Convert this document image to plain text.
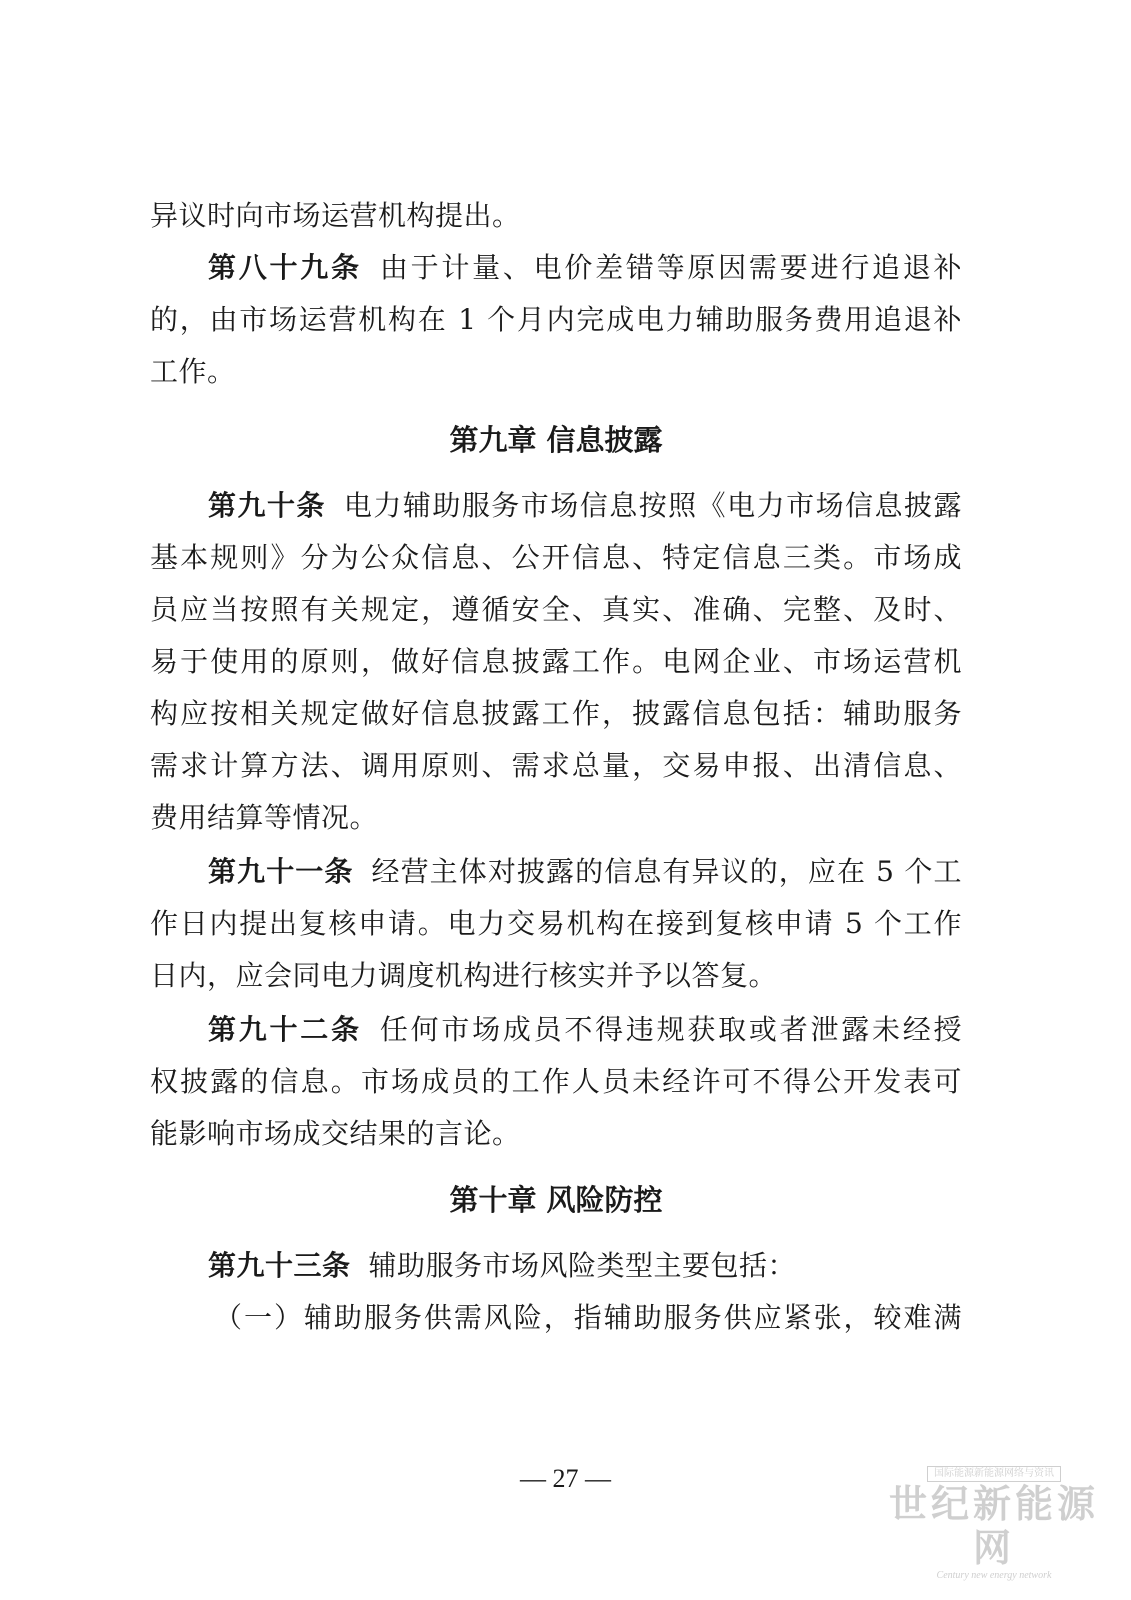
异议时向市场运营机构提出。
第八十九条 由于计量、电价差错等原因需要进行追退补
的，由市场运营机构在 1 个月内完成电力辅助服务费用追退补
工作。
第九章 信息披露
第九十条 电力辅助服务市场信息按照《电力市场信息披露
基本规则》分为公众信息、公开信息、特定信息三类。市场成
员应当按照有关规定，遵循安全、真实、准确、完整、及时、
易于使用的原则，做好信息披露工作。电网企业、市场运营机
构应按相关规定做好信息披露工作，披露信息包括：辅助服务
需求计算方法、调用原则、需求总量，交易申报、出清信息、
费用结算等情况。
第九十一条 经营主体对披露的信息有异议的，应在 5 个工
作日内提出复核申请。电力交易机构在接到复核申请 5 个工作
日内，应会同电力调度机构进行核实并予以答复。
第九十二条 任何市场成员不得违规获取或者泄露未经授
权披露的信息。市场成员的工作人员未经许可不得公开发表可
能影响市场成交结果的言论。
第十章 风险防控
第九十三条 辅助服务市场风险类型主要包括：
（一）辅助服务供需风险，指辅助服务供应紧张，较难满
— 27 —	国际能源新能源网络与资讯
世纪新能源网
Century new energy network
